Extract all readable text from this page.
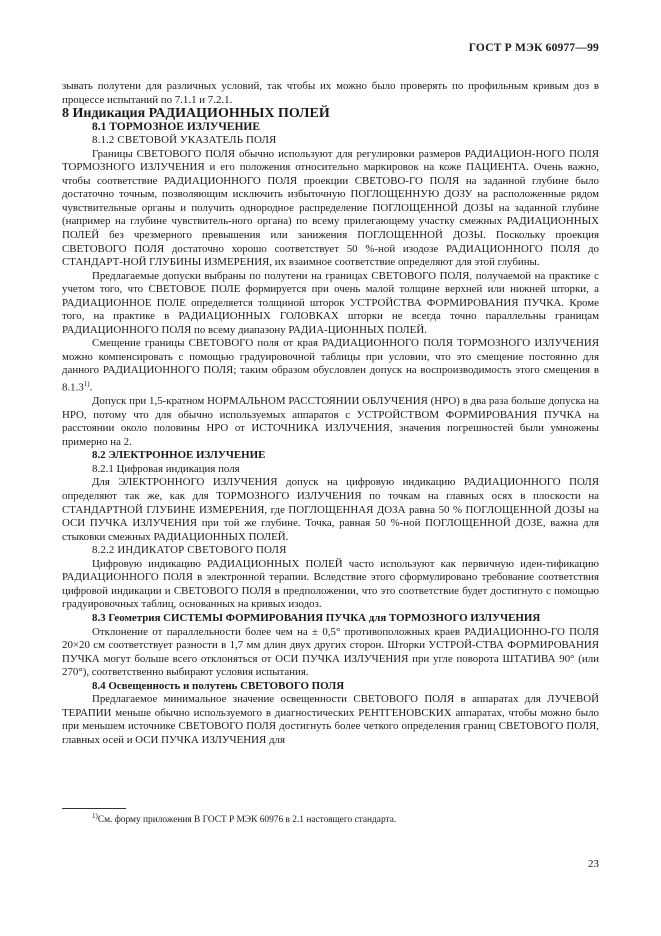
ГОСТ Р МЭК 60977—99

зывать полутени для различных условий, так чтобы их можно было проверять по профильным кривым доз в процессе испытаний по 7.1.1 и 7.2.1.

8 Индикация РАДИАЦИОННЫХ ПОЛЕЙ

8.1 ТОРМОЗНОЕ ИЗЛУЧЕНИЕ

8.1.2 СВЕТОВОЙ УКАЗАТЕЛЬ ПОЛЯ

Границы СВЕТОВОГО ПОЛЯ обычно используют для регулировки размеров РАДИАЦИОН-НОГО ПОЛЯ ТОРМОЗНОГО ИЗЛУЧЕНИЯ и его положения относительно маркировок на коже ПАЦИЕНТА. Очень важно, чтобы соответствие РАДИАЦИОННОГО ПОЛЯ проекции СВЕТОВО-ГО ПОЛЯ на заданной глубине было достаточно точным, позволяющим исключить избыточную ПОГЛОЩЕННУЮ ДОЗУ на расположенные рядом чувствительные органы и получить однородное распределение ПОГЛОЩЕННОЙ ДОЗЫ на заданной глубине (например на глубине чувствитель-ного органа) по всему прилегающему участку смежных РАДИАЦИОННЫХ ПОЛЕЙ без чрезмерного превышения или занижения ПОГЛОЩЕННОЙ ДОЗЫ. Поскольку проекция СВЕТОВОГО ПОЛЯ достаточно хорошо соответствует 50 %-ной изодозе РАДИАЦИОННОГО ПОЛЯ до СТАНДАРТ-НОЙ ГЛУБИНЫ ИЗМЕРЕНИЯ, их взаимное соответствие определяют для этой глубины.

Предлагаемые допуски выбраны по полутени на границах СВЕТОВОГО ПОЛЯ, получаемой на практике с учетом того, что СВЕТОВОЕ ПОЛЕ формируется при очень малой толщине верхней или нижней шторки, а РАДИАЦИОННОЕ ПОЛЕ определяется толщиной шторок УСТРОЙСТВА ФОРМИРОВАНИЯ ПУЧКА. Кроме того, на практике в РАДИАЦИОННЫХ ГОЛОВКАХ шторки не всегда точно параллельны границам РАДИАЦИОННОГО ПОЛЯ по всему диапазону РАДИА-ЦИОННЫХ ПОЛЕЙ.

Смещение границы СВЕТОВОГО поля от края РАДИАЦИОННОГО ПОЛЯ ТОРМОЗНОГО ИЗЛУЧЕНИЯ можно компенсировать с помощью градуировочной таблицы при условии, что это смещение постоянно для данного РАДИАЦИОННОГО ПОЛЯ; таким образом обусловлен допуск на воспроизводимость этого смещения в 8.1.3$^{1)}$.

Допуск при 1,5-кратном НОРМАЛЬНОМ РАССТОЯНИИ ОБЛУЧЕНИЯ (НРО) в два раза больше допуска на НРО, потому что для обычно используемых аппаратов с УСТРОЙСТВОМ ФОРМИРОВАНИЯ ПУЧКА на расстоянии около половины НРО от ИСТОЧНИКА ИЗЛУЧЕНИЯ, значения погрешностей были умножены примерно на 2.

8.2 ЭЛЕКТРОННОЕ ИЗЛУЧЕНИЕ

8.2.1 Цифровая индикация поля

Для ЭЛЕКТРОННОГО ИЗЛУЧЕНИЯ допуск на цифровую индикацию РАДИАЦИОННОГО ПОЛЯ определяют так же, как для ТОРМОЗНОГО ИЗЛУЧЕНИЯ по точкам на главных осях в плоскости на СТАНДАРТНОЙ ГЛУБИНЕ ИЗМЕРЕНИЯ, где ПОГЛОЩЕННАЯ ДОЗА равна 50 % ПОГЛОЩЕННОЙ ДОЗЫ на ОСИ ПУЧКА ИЗЛУЧЕНИЯ при той же глубине. Точка, равная 50 %-ной ПОГЛОЩЕННОЙ ДОЗЕ, важна для стыковки смежных РАДИАЦИОННЫХ ПОЛЕЙ.

8.2.2 ИНДИКАТОР СВЕТОВОГО ПОЛЯ

Цифровую индикацию РАДИАЦИОННЫХ ПОЛЕЙ часто используют как первичную иден-тификацию РАДИАЦИОННОГО ПОЛЯ в электронной терапии. Вследствие этого сформулировано требование соответствия цифровой индикации и СВЕТОВОГО ПОЛЯ в предположении, что это соответствие будет достигнуто с помощью градуировочных таблиц, основанных на кривых изодоз.

8.3 Геометрия СИСТЕМЫ ФОРМИРОВАНИЯ ПУЧКА для ТОРМОЗНОГО ИЗЛУЧЕНИЯ

Отклонение от параллельности более чем на ± 0,5° противоположных краев РАДИАЦИОННО-ГО ПОЛЯ 20×20 см соответствует разности в 1,7 мм длин двух других сторон. Шторки УСТРОЙ-СТВА ФОРМИРОВАНИЯ ПУЧКА могут больше всего отклоняться от ОСИ ПУЧКА ИЗЛУЧЕНИЯ при угле поворота ШТАТИВА 90° (или 270°), соответственно выбирают условия испытания.

8.4 Освещенность и полутень СВЕТОВОГО ПОЛЯ

Предлагаемое минимальное значение освещенности СВЕТОВОГО ПОЛЯ в аппаратах для ЛУЧЕВОЙ ТЕРАПИИ меньше обычно используемого в диагностических РЕНТГЕНОВСКИХ аппаратах, чтобы можно было при меньшем источнике СВЕТОВОГО ПОЛЯ достигнуть более четкого определения границ СВЕТОВОГО ПОЛЯ, главных осей и ОСИ ПУЧКА ИЗЛУЧЕНИЯ для

$^{1)}$См. форму приложения В ГОСТ Р МЭК 60976 в 2.1 настоящего стандарта.
23
